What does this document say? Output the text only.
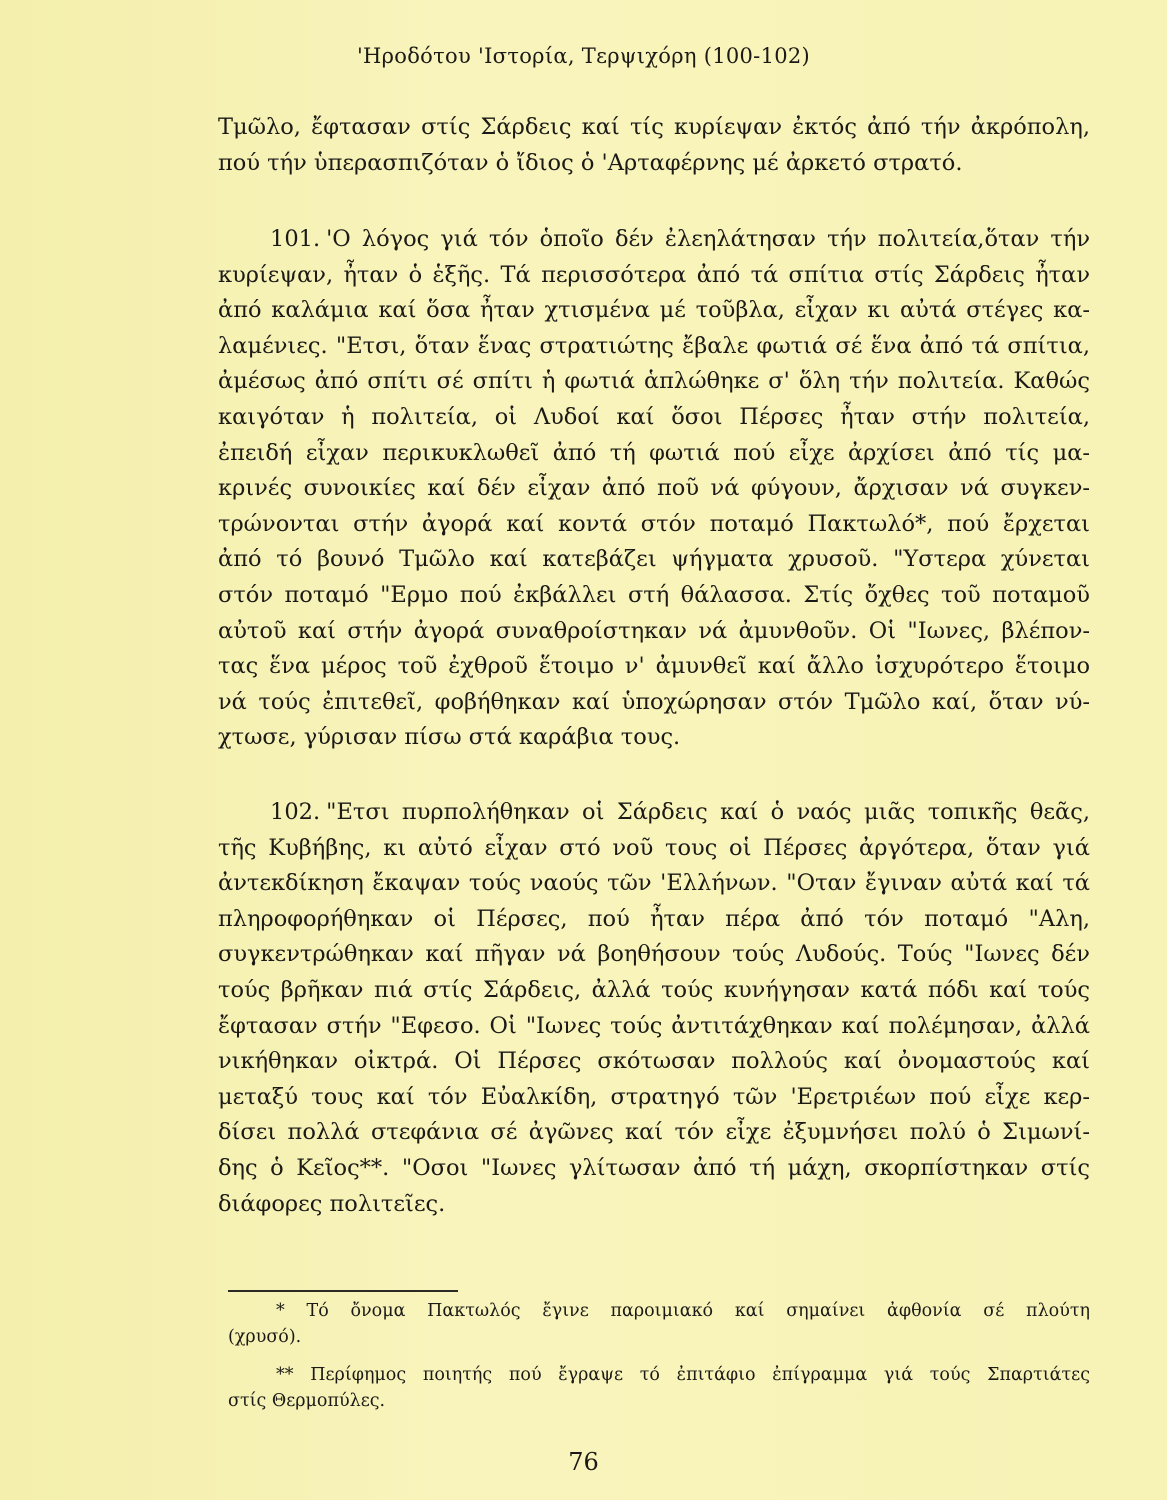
'Ηροδότου 'Ιστορία, Τερψιχόρη (100-102)
Τμῶλο, ἔφτασαν στίς Σάρδεις καί τίς κυρίεψαν ἐκτός ἀπό τήν ἀκρόπολη,
πού τήν ὑπερασπιζόταν ὁ ἴδιος ὁ 'Αρταφέρνης μέ ἀρκετό στρατό.
101. 'Ο λόγος γιά τόν ὁποῖο δέν ἐλεηλάτησαν τήν πολιτεία,ὅταν τήν
κυρίεψαν, ἦταν ὁ ἑξῆς. Τά περισσότερα ἀπό τά σπίτια στίς Σάρδεις ἦταν
ἀπό καλάμια καί ὅσα ἦταν χτισμένα μέ τοῦβλα, εἶχαν κι αὐτά στέγες κα-
λαμένιες. "Ετσι, ὅταν ἕνας στρατιώτης ἔβαλε φωτιά σέ ἕνα ἀπό τά σπίτια,
ἀμέσως ἀπό σπίτι σέ σπίτι ἡ φωτιά ἁπλώθηκε σ' ὅλη τήν πολιτεία. Καθώς
καιγόταν ἡ πολιτεία, οἱ Λυδοί καί ὅσοι Πέρσες ἦταν στήν πολιτεία,
ἐπειδή εἶχαν περικυκλωθεῖ ἀπό τή φωτιά πού εἶχε ἀρχίσει ἀπό τίς μα-
κρινές συνοικίες καί δέν εἶχαν ἀπό ποῦ νά φύγουν, ἄρχισαν νά συγκεν-
τρώνονται στήν ἀγορά καί κοντά στόν ποταμό Πακτωλό*, πού ἔρχεται
ἀπό τό βουνό Τμῶλο καί κατεβάζει ψήγματα χρυσοῦ. "Υστερα χύνεται
στόν ποταμό "Ερμο πού ἐκβάλλει στή θάλασσα. Στίς ὄχθες τοῦ ποταμοῦ
αὐτοῦ καί στήν ἀγορά συναθροίστηκαν νά ἀμυνθοῦν. Οἱ "Ιωνες, βλέπον-
τας ἕνα μέρος τοῦ ἐχθροῦ ἕτοιμο ν' ἀμυνθεῖ καί ἄλλο ἰσχυρότερο ἕτοιμο
νά τούς ἐπιτεθεῖ, φοβήθηκαν καί ὑποχώρησαν στόν Τμῶλο καί, ὅταν νύ-
χτωσε, γύρισαν πίσω στά καράβια τους.
102. "Ετσι πυρπολήθηκαν οἱ Σάρδεις καί ὁ ναός μιᾶς τοπικῆς θεᾶς,
τῆς Κυβήβης, κι αὐτό εἶχαν στό νοῦ τους οἱ Πέρσες ἀργότερα, ὅταν γιά
ἀντεκδίκηση ἔκαψαν τούς ναούς τῶν 'Ελλήνων. "Οταν ἔγιναν αὐτά καί τά
πληροφορήθηκαν οἱ Πέρσες, πού ἦταν πέρα ἀπό τόν ποταμό "Αλη,
συγκεντρώθηκαν καί πῆγαν νά βοηθήσουν τούς Λυδούς. Τούς "Ιωνες δέν
τούς βρῆκαν πιά στίς Σάρδεις, ἀλλά τούς κυνήγησαν κατά πόδι καί τούς
ἔφτασαν στήν "Εφεσο. Οἱ "Ιωνες τούς ἀντιτάχθηκαν καί πολέμησαν, ἀλλά
νικήθηκαν οἰκτρά. Οἱ Πέρσες σκότωσαν πολλούς καί ὀνομαστούς καί
μεταξύ τους καί τόν Εὐαλκίδη, στρατηγό τῶν 'Ερετριέων πού εἶχε κερ-
δίσει πολλά στεφάνια σέ ἀγῶνες καί τόν εἶχε ἐξυμνήσει πολύ ὁ Σιμωνί-
δης ὁ Κεῖος**. "Οσοι "Ιωνες γλίτωσαν ἀπό τή μάχη, σκορπίστηκαν στίς
διάφορες πολιτεῖες.
* Τό ὄνομα Πακτωλός ἔγινε παροιμιακό καί σημαίνει ἀφθονία σέ πλούτη
(χρυσό).
** Περίφημος ποιητής πού ἔγραψε τό ἐπιτάφιο ἐπίγραμμα γιά τούς Σπαρτιάτες
στίς Θερμοπύλες.
76
